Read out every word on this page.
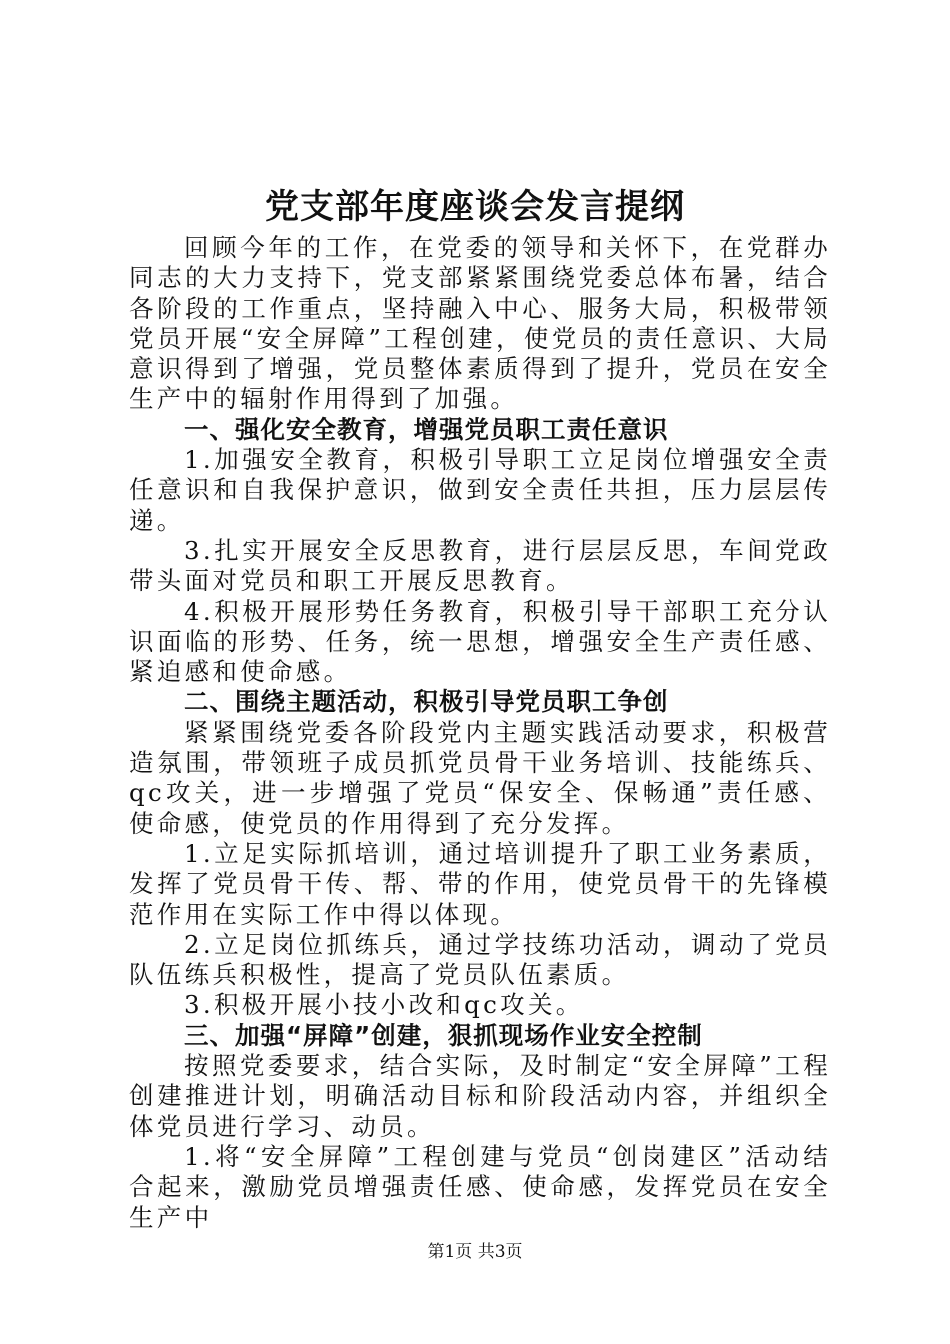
党支部年度座谈会发言提纲

回顾今年的工作，在党委的领导和关怀下，在党群办同志的大力支持下，党支部紧紧围绕党委总体布暑，结合各阶段的工作重点，坚持融入中心、服务大局，积极带领党员开展“安全屏障”工程创建，使党员的责任意识、大局意识得到了增强，党员整体素质得到了提升，党员在安全生产中的辐射作用得到了加强。

一、强化安全教育，增强党员职工责任意识

1.加强安全教育，积极引导职工立足岗位增强安全责任意识和自我保护意识，做到安全责任共担，压力层层传递。

3.扎实开展安全反思教育，进行层层反思，车间党政带头面对党员和职工开展反思教育。

4.积极开展形势任务教育，积极引导干部职工充分认识面临的形势、任务，统一思想，增强安全生产责任感、紧迫感和使命感。

二、围绕主题活动，积极引导党员职工争创

紧紧围绕党委各阶段党内主题实践活动要求，积极营造氛围，带领班子成员抓党员骨干业务培训、技能练兵、qc攻关，进一步增强了党员“保安全、保畅通”责任感、使命感，使党员的作用得到了充分发挥。

1.立足实际抓培训，通过培训提升了职工业务素质，发挥了党员骨干传、帮、带的作用，使党员骨干的先锋模范作用在实际工作中得以体现。

2.立足岗位抓练兵，通过学技练功活动，调动了党员队伍练兵积极性，提高了党员队伍素质。

3.积极开展小技小改和qc攻关。

三、加强“屏障”创建，狠抓现场作业安全控制

按照党委要求，结合实际，及时制定“安全屏障”工程创建推进计划，明确活动目标和阶段活动内容，并组织全体党员进行学习、动员。

1.将“安全屏障”工程创建与党员“创岗建区”活动结合起来，激励党员增强责任感、使命感，发挥党员在安全生产中

第1页 共3页
